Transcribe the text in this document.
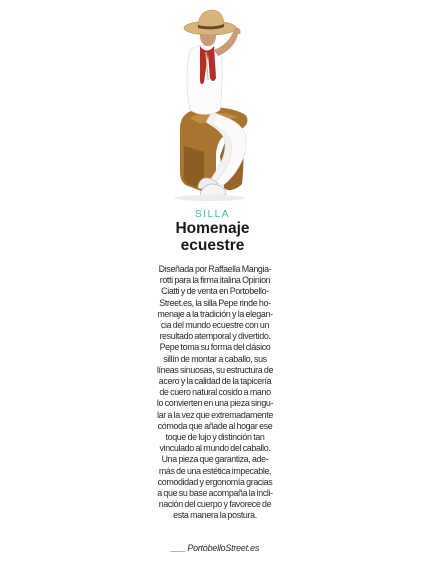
SILLA
Homenaje
ecuestre

Diseñada por Raffaella Mangia-
rotti para la firma italina Opinion
Ciatti y de venta en Portobello-
Street.es, la silla Pepe rinde ho-
menaje a la tradición y la elegan-
cia del mundo ecuestre con un
resultado atemporal y divertido.
Pepe toma su forma del clásico
sillín de montar a caballo, sus
líneas sinuosas, su estructura de
acero y la calidad de la tapicería
de cuero natural cosido a mano
lo convierten en una pieza singu-
lar a la vez que extremadamente
cómoda que añade al hogar ese
toque de lujo y distinción tan
vinculado al mundo del caballo.
Una pieza que garantiza, ade-
más de una estética impecable,
comodidad y ergonomía gracias
a que su base acompaña la incli-
nación del cuerpo y favorece de
esta manera la postura.

___ PortobelloStreet.es
